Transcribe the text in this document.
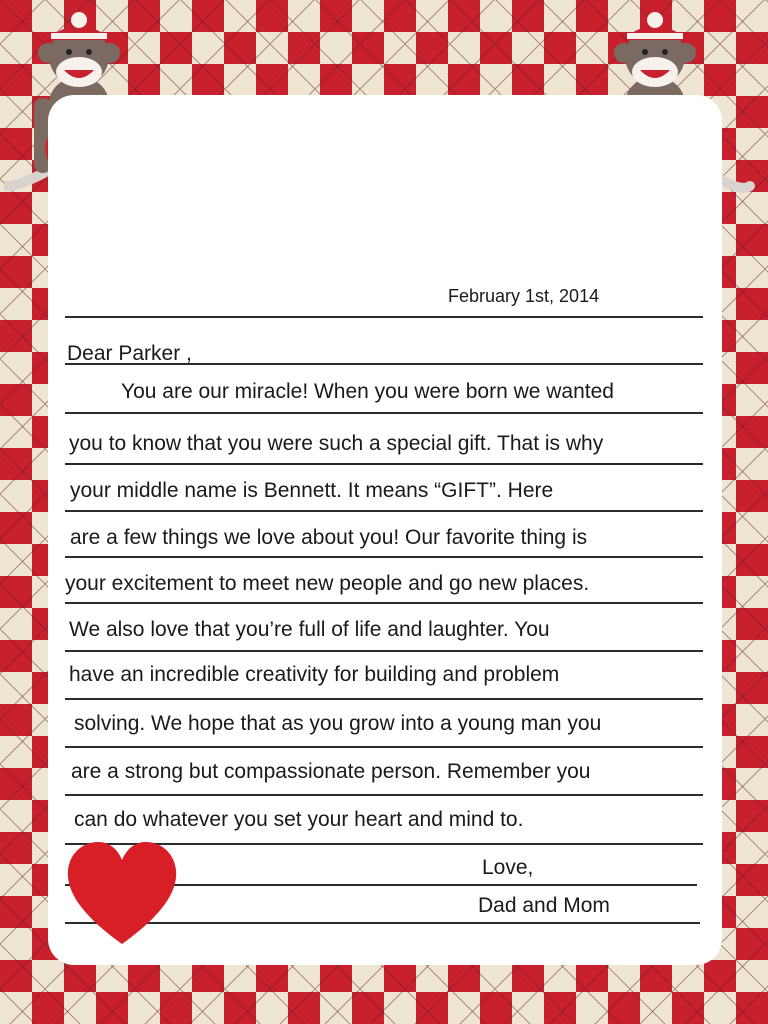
February 1st, 2014
Dear Parker ,
You are our miracle! When you were born we wanted
you to know that you were such a special gift. That is why
your middle name is Bennett. It means “GIFT”. Here
are a few things we love about you! Our favorite thing is
your excitement to meet new people and go new places.
We also love that you’re full of life and laughter. You
have an incredible creativity for building and problem
solving. We hope that as you grow into a young man you
are a strong but compassionate person. Remember you
can do whatever you set your heart and mind to.
Love,
Dad and Mom
